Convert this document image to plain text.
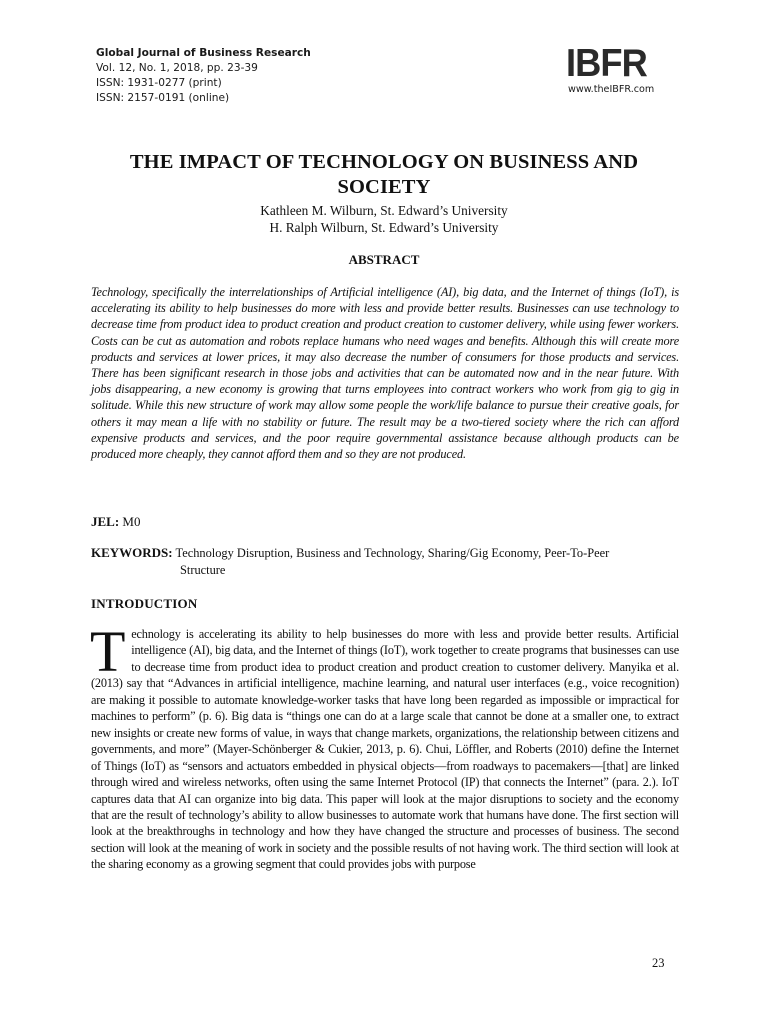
Global Journal of Business Research
Vol. 12, No. 1, 2018, pp. 23-39
ISSN: 1931-0277 (print)
ISSN: 2157-0191 (online)
IBFR
www.theIBFR.com
THE IMPACT OF TECHNOLOGY ON BUSINESS AND SOCIETY
Kathleen M. Wilburn, St. Edward’s University
H. Ralph Wilburn, St. Edward’s University
ABSTRACT
Technology, specifically the interrelationships of Artificial intelligence (AI), big data, and the Internet of things (IoT), is accelerating its ability to help businesses do more with less and provide better results. Businesses can use technology to decrease time from product idea to product creation and product creation to customer delivery, while using fewer workers. Costs can be cut as automation and robots replace humans who need wages and benefits. Although this will create more products and services at lower prices, it may also decrease the number of consumers for those products and services. There has been significant research in those jobs and activities that can be automated now and in the near future. With jobs disappearing, a new economy is growing that turns employees into contract workers who work from gig to gig in solitude. While this new structure of work may allow some people the work/life balance to pursue their creative goals, for others it may mean a life with no stability or future. The result may be a two-tiered society where the rich can afford expensive products and services, and the poor require governmental assistance because although products can be produced more cheaply, they cannot afford them and so they are not produced.
JEL: M0
KEYWORDS: Technology Disruption, Business and Technology, Sharing/Gig Economy, Peer-To-Peer
Structure
INTRODUCTION
Technology is accelerating its ability to help businesses do more with less and provide better results. Artificial intelligence (AI), big data, and the Internet of things (IoT), work together to create programs that businesses can use to decrease time from product idea to product creation and product creation to customer delivery. Manyika et al. (2013) say that “Advances in artificial intelligence, machine learning, and natural user interfaces (e.g., voice recognition) are making it possible to automate knowledge-worker tasks that have long been regarded as impossible or impractical for machines to perform” (p. 6). Big data is “things one can do at a large scale that cannot be done at a smaller one, to extract new insights or create new forms of value, in ways that change markets, organizations, the relationship between citizens and governments, and more” (Mayer-Schönberger & Cukier, 2013, p. 6). Chui, Löffler, and Roberts (2010) define the Internet of Things (IoT) as “sensors and actuators embedded in physical objects—from roadways to pacemakers—[that] are linked through wired and wireless networks, often using the same Internet Protocol (IP) that connects the Internet” (para. 2.). IoT captures data that AI can organize into big data. This paper will look at the major disruptions to society and the economy that are the result of technology’s ability to allow businesses to automate work that humans have done. The first section will look at the breakthroughs in technology and how they have changed the structure and processes of business. The second section will look at the meaning of work in society and the possible results of not having work. The third section will look at the sharing economy as a growing segment that could provides jobs with purpose
23
